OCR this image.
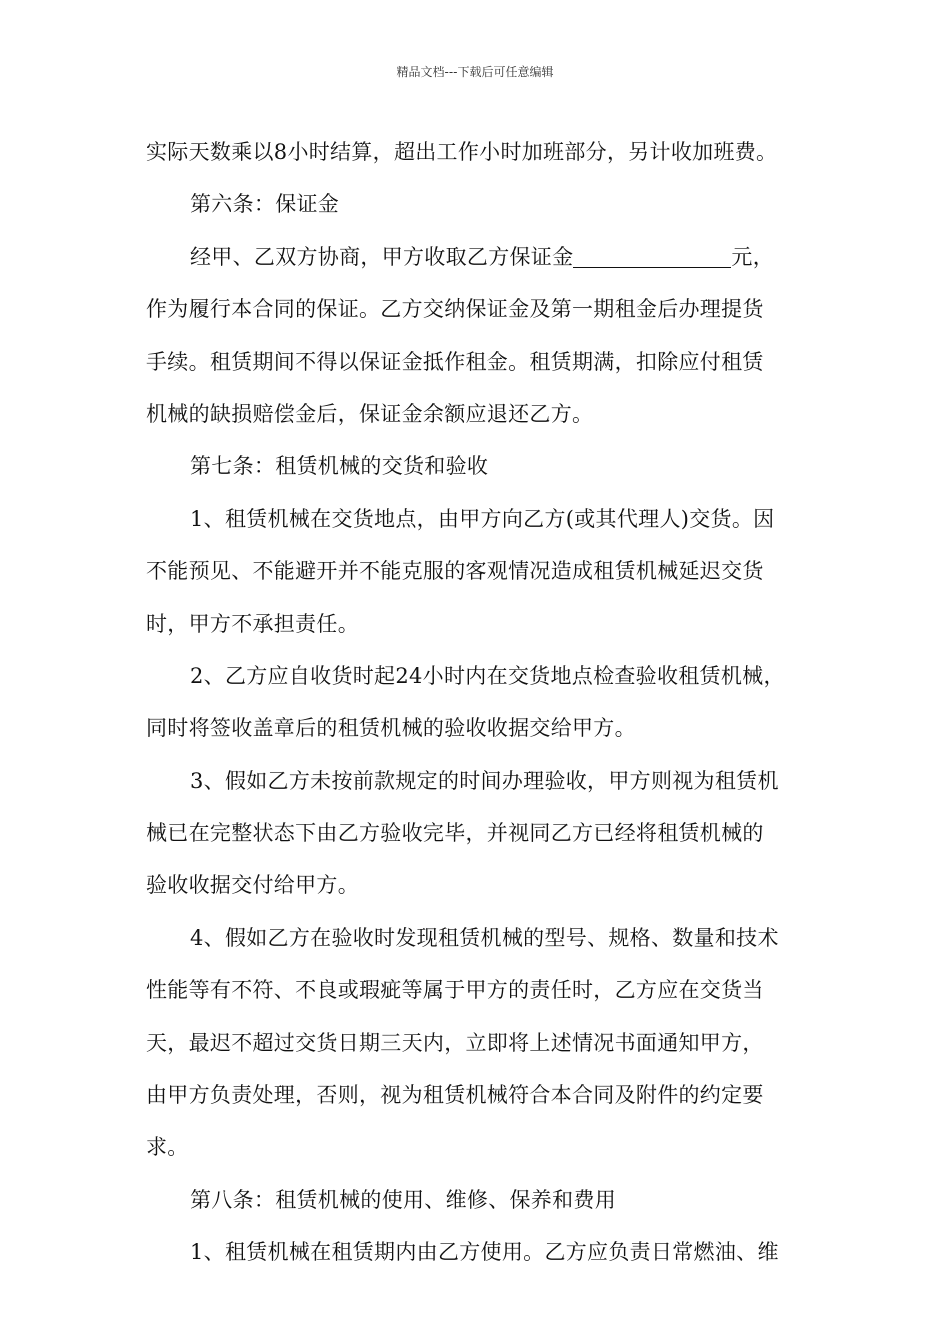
精品文档---下载后可任意编辑
实际天数乘以8小时结算，超出工作小时加班部分，另计收加班费。
第六条：保证金
经甲、乙双方协商，甲方收取乙方保证金	元，
作为履行本合同的保证。乙方交纳保证金及第一期租金后办理提货
手续。租赁期间不得以保证金抵作租金。租赁期满，扣除应付租赁
机械的缺损赔偿金后，保证金余额应退还乙方。
第七条：租赁机械的交货和验收
1、租赁机械在交货地点，由甲方向乙方(或其代理人)交货。因
不能预见、不能避开并不能克服的客观情况造成租赁机械延迟交货
时，甲方不承担责任。
2、乙方应自收货时起24小时内在交货地点检查验收租赁机械，
同时将签收盖章后的租赁机械的验收收据交给甲方。
3、假如乙方未按前款规定的时间办理验收，甲方则视为租赁机
械已在完整状态下由乙方验收完毕，并视同乙方已经将租赁机械的
验收收据交付给甲方。
4、假如乙方在验收时发现租赁机械的型号、规格、数量和技术
性能等有不符、不良或瑕疵等属于甲方的责任时，乙方应在交货当
天，最迟不超过交货日期三天内，立即将上述情况书面通知甲方，
由甲方负责处理，否则，视为租赁机械符合本合同及附件的约定要
求。
第八条：租赁机械的使用、维修、保养和费用
1、租赁机械在租赁期内由乙方使用。乙方应负责日常燃油、维
